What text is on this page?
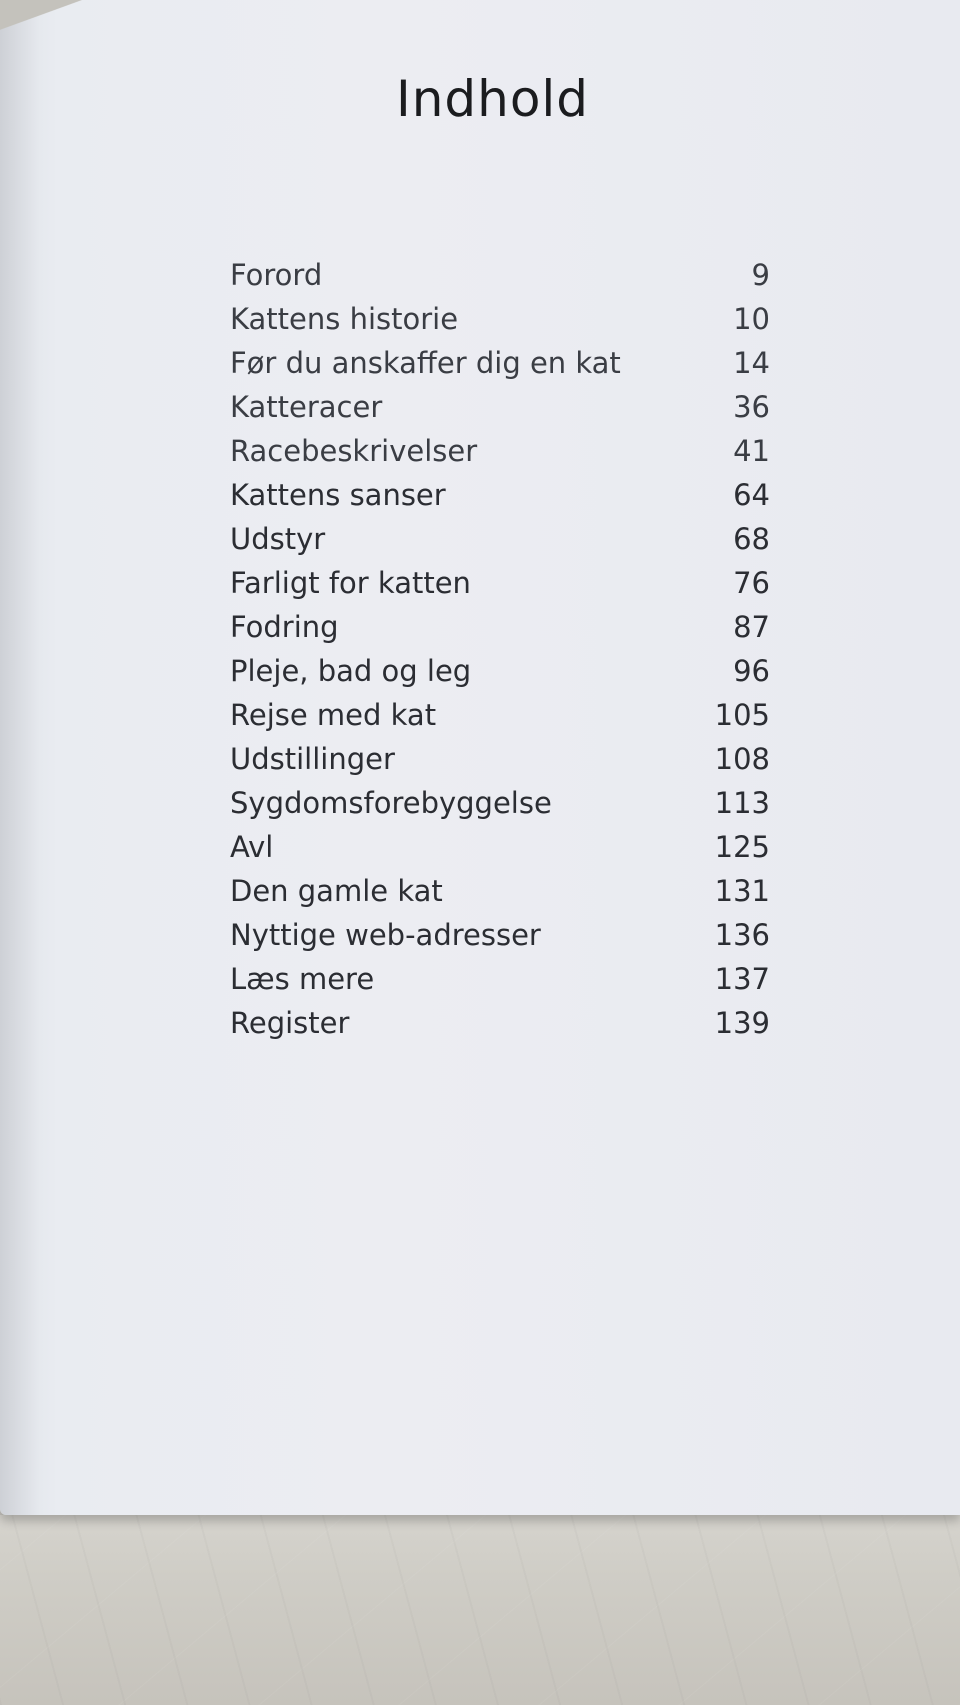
Indhold
Forord	9
Kattens historie	10
Før du anskaffer dig en kat	14
Katteracer	36
Racebeskrivelser	41
Kattens sanser	64
Udstyr	68
Farligt for katten	76
Fodring	87
Pleje, bad og leg	96
Rejse med kat	105
Udstillinger	108
Sygdomsforebyggelse	113
Avl	125
Den gamle kat	131
Nyttige web-adresser	136
Læs mere	137
Register	139
